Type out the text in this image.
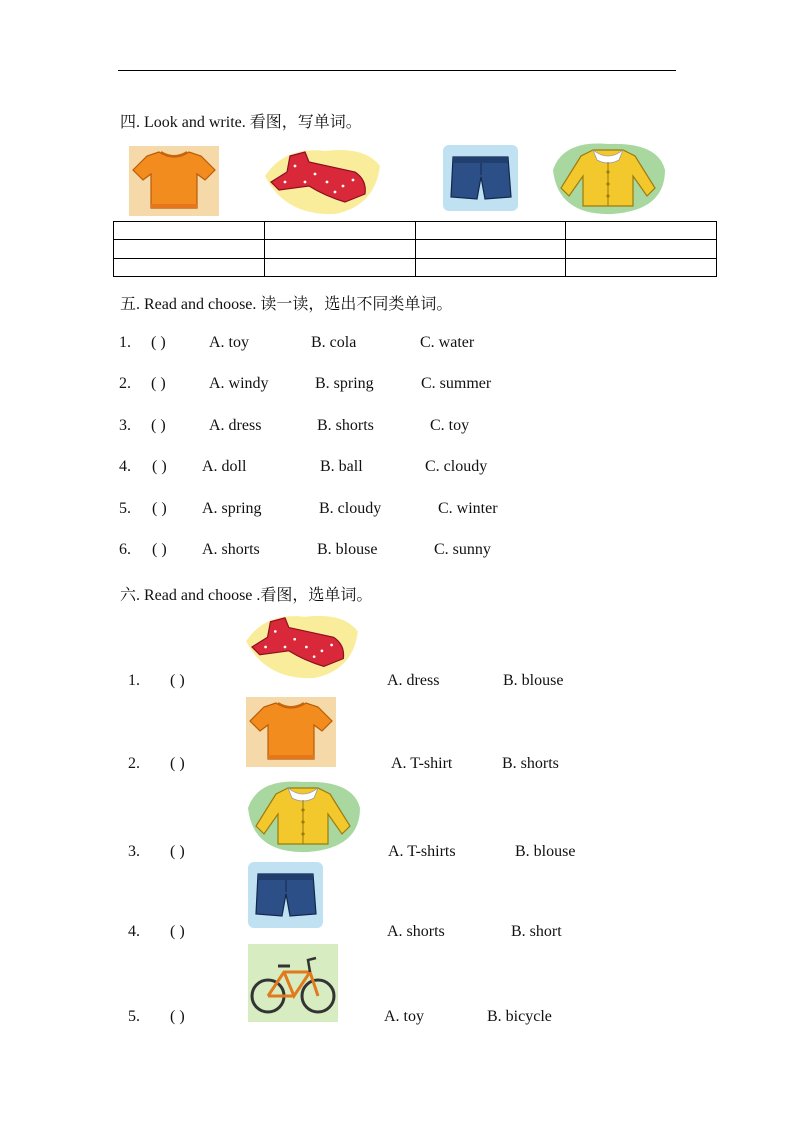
四. Look and write. 看图，写单词。

五. Read and choose. 读一读，选出不同类单词。
1. ( )	A. toy	B. cola	C. water
2. ( )	A. windy	B. spring	C. summer
3. ( )	A. dress	B. shorts	C. toy
4. ( ) A. doll	B. ball	C. cloudy
5. ( ) A. spring	B. cloudy	C. winter
6. ( ) A. shorts	B. blouse	C. sunny
六. Read and choose .看图，选单词。
1. ( )	A. dress	B. blouse
2. ( )	A. T-shirt	B. shorts
3. ( )	A. T-shirts	B. blouse
4. ( )	A. shorts	B. short
5. ( )	A. toy	B. bicycle
